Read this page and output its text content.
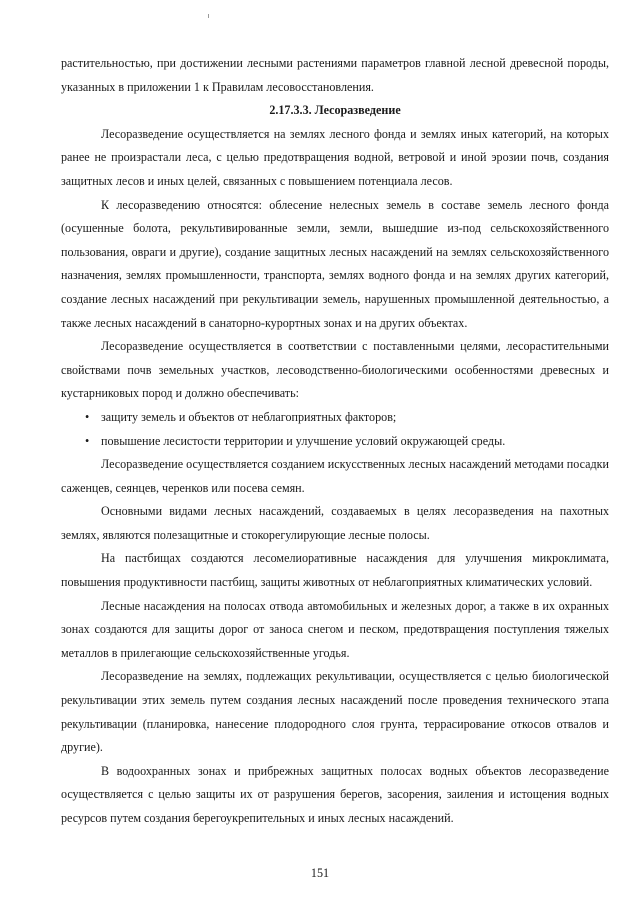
растительностью, при достижении лесными растениями параметров главной лесной древесной породы, указанных в приложении 1 к Правилам лесовосстановления.

2.17.3.3. Лесоразведение

Лесоразведение осуществляется на землях лесного фонда и землях иных категорий, на которых ранее не произрастали леса, с целью предотвращения водной, ветровой и иной эрозии почв, создания защитных лесов и иных целей, связанных с повышением потенциала лесов.

К лесоразведению относятся: облесение нелесных земель в составе земель лесного фонда (осушенные болота, рекультивированные земли, земли, вышедшие из-под сельскохозяйственного пользования, овраги и другие), создание защитных лесных насаждений на землях сельскохозяйственного назначения, землях промышленности, транспорта, землях водного фонда и на землях других категорий, создание лесных насаждений при рекультивации земель, нарушенных промышленной деятельностью, а также лесных насаждений в санаторно-курортных зонах и на других объектах.

Лесоразведение осуществляется в соответствии с поставленными целями, лесорастительными свойствами почв земельных участков, лесоводственно-биологическими особенностями древесных и кустарниковых пород и должно обеспечивать:

• защиту земель и объектов от неблагоприятных факторов;
• повышение лесистости территории и улучшение условий окружающей среды.

Лесоразведение осуществляется созданием искусственных лесных насаждений методами посадки саженцев, сеянцев, черенков или посева семян.

Основными видами лесных насаждений, создаваемых в целях лесоразведения на пахотных землях, являются полезащитные и стокорегулирующие лесные полосы.

На пастбищах создаются лесомелиоративные насаждения для улучшения микроклимата, повышения продуктивности пастбищ, защиты животных от неблагоприятных климатических условий.

Лесные насаждения на полосах отвода автомобильных и железных дорог, а также в их охранных зонах создаются для защиты дорог от заноса снегом и песком, предотвращения поступления тяжелых металлов в прилегающие сельскохозяйственные угодья.

Лесоразведение на землях, подлежащих рекультивации, осуществляется с целью биологической рекультивации этих земель путем создания лесных насаждений после проведения технического этапа рекультивации (планировка, нанесение плодородного слоя грунта, террасирование откосов отвалов и другие).

В водоохранных зонах и прибрежных защитных полосах водных объектов лесоразведение осуществляется с целью защиты их от разрушения берегов, засорения, заиления и истощения водных ресурсов путем создания берегоукрепительных и иных лесных насаждений.

151
